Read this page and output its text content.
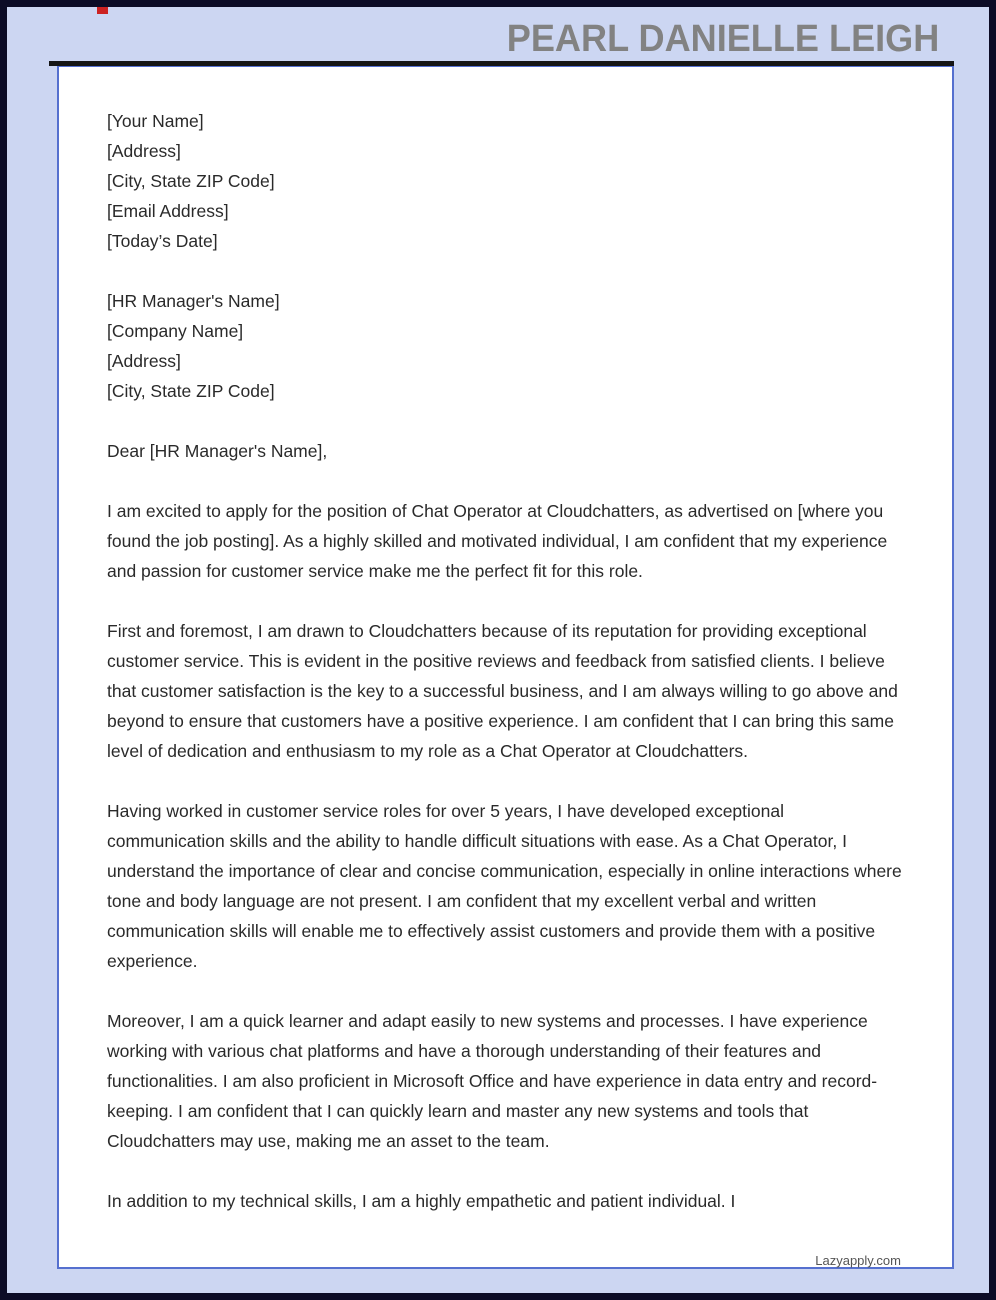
PEARL DANIELLE LEIGH
[Your Name]
[Address]
[City, State ZIP Code]
[Email Address]
[Today’s Date]
[HR Manager's Name]
[Company Name]
[Address]
[City, State ZIP Code]
Dear [HR Manager's Name],
I am excited to apply for the position of Chat Operator at Cloudchatters, as advertised on [where you found the job posting]. As a highly skilled and motivated individual, I am confident that my experience and passion for customer service make me the perfect fit for this role.
First and foremost, I am drawn to Cloudchatters because of its reputation for providing exceptional customer service. This is evident in the positive reviews and feedback from satisfied clients. I believe that customer satisfaction is the key to a successful business, and I am always willing to go above and beyond to ensure that customers have a positive experience. I am confident that I can bring this same level of dedication and enthusiasm to my role as a Chat Operator at Cloudchatters.
Having worked in customer service roles for over 5 years, I have developed exceptional communication skills and the ability to handle difficult situations with ease. As a Chat Operator, I understand the importance of clear and concise communication, especially in online interactions where tone and body language are not present. I am confident that my excellent verbal and written communication skills will enable me to effectively assist customers and provide them with a positive experience.
Moreover, I am a quick learner and adapt easily to new systems and processes. I have experience working with various chat platforms and have a thorough understanding of their features and functionalities. I am also proficient in Microsoft Office and have experience in data entry and record-keeping. I am confident that I can quickly learn and master any new systems and tools that Cloudchatters may use, making me an asset to the team.
In addition to my technical skills, I am a highly empathetic and patient individual. I
Lazyapply.com
